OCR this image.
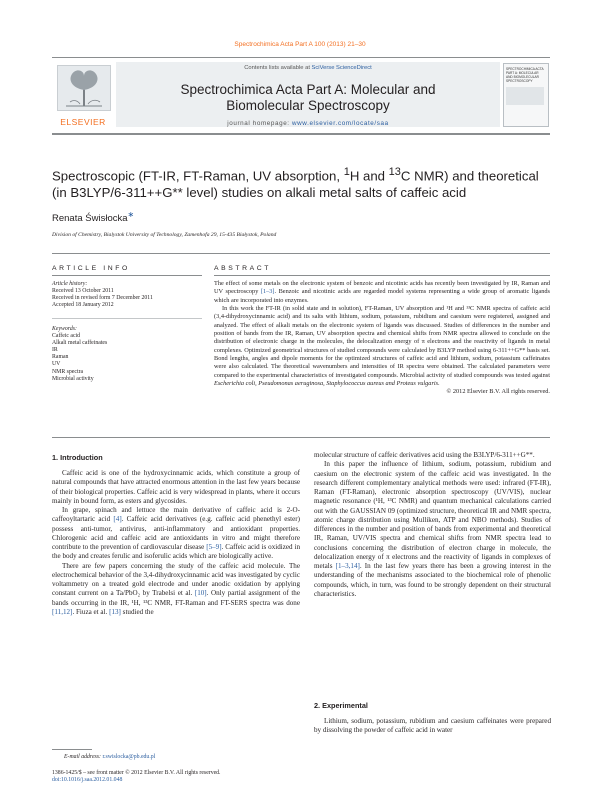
Spectrochimica Acta Part A 100 (2013) 21–30
ELSEVIER
Contents lists available at SciVerse ScienceDirect
Spectrochimica Acta Part A: Molecular and
Biomolecular Spectroscopy
journal homepage: www.elsevier.com/locate/saa
SPECTROCHIMICA ACTA PART A: MOLECULAR AND BIOMOLECULAR SPECTROSCOPY
Spectroscopic (FT-IR, FT-Raman, UV absorption, $^1$H and $^{13}$C NMR) and theoretical
(in B3LYP/6-311++G** level) studies on alkali metal salts of caffeic acid
Renata Świsłocka∗
Division of Chemistry, Bialystok University of Technology, Zamenhofa 29, 15-435 Białystok, Poland
ARTICLE INFO	ABSTRACT
Article history:
Received 13 October 2011
Received in revised form 7 December 2011
Accepted 18 January 2012
Keywords:
Caffeic acid
Alkali metal caffeinates
IR
Raman
UV
NMR spectra
Microbial activity

The effect of some metals on the electronic system of benzoic and nicotinic acids has recently been investigated by IR, Raman and UV spectroscopy [1–3]. Benzoic and nicotinic acids are regarded model systems representing a wide group of aromatic ligands which are incorporated into enzymes.

In this work the FT-IR (in solid state and in solution), FT-Raman, UV absorption and ¹H and ¹³C NMR spectra of caffeic acid (3,4-dihydroxycinnamic acid) and its salts with lithium, sodium, potassium, rubidium and caesium were registered, assigned and analyzed. The effect of alkali metals on the electronic system of ligands was discussed. Studies of differences in the number and position of bands from the IR, Raman, UV absorption spectra and chemical shifts from NMR spectra allowed to conclude on the distribution of electronic charge in the molecules, the delocalization energy of π electrons and the reactivity of ligands in metal complexes. Optimized geometrical structures of studied compounds were calculated by B3LYP method using 6-311++G** basis set. Bond lengths, angles and dipole moments for the optimized structures of caffeic acid and lithium, sodium, potassium caffeinates were also calculated. The theoretical wavenumbers and intensities of IR spectra were obtained. The calculated parameters were compared to the experimental characteristics of investigated compounds. Microbial activity of studied compounds was tested against Escherichia coli, Pseudomonas aeruginosa, Staphylococcus aureus and Proteus vulgaris.

© 2012 Elsevier B.V. All rights reserved.

1. Introduction

Caffeic acid is one of the hydroxycinnamic acids, which constitute a group of natural compounds that have attracted enormous attention in the last few years because of their biological properties. Caffeic acid is very widespread in plants, where it occurs mainly in bound form, as esters and glycosides.

In grape, spinach and lettuce the main derivative of caffeic acid is 2-O-caffeoyltartaric acid [4]. Caffeic acid derivatives (e.g. caffeic acid phenethyl ester) possess anti-tumor, antivirus, anti-inflammatory and antioxidant properties. Chlorogenic acid and caffeic acid are antioxidants in vitro and might therefore contribute to the prevention of cardiovascular disease [5–9]. Caffeic acid is oxidized in the body and creates ferulic and isoferulic acids which are biologically active.

There are few papers concerning the study of the caffeic acid molecule. The electrochemical behavior of the 3,4-dihydroxycinnamic acid was investigated by cyclic voltammetry on a treated gold electrode and under anodic oxidation by applying constant current on a Ta/PbO₂ by Trabelsi et al. [10]. Only partial assignment of the bands occurring in the IR, ¹H, ¹³C NMR, FT-Raman and FT-SERS spectra was done [11,12]. Fiuza et al. [13] studied the

molecular structure of caffeic derivatives acid using the B3LYP/6-311++G**.

In this paper the influence of lithium, sodium, potassium, rubidium and caesium on the electronic system of the caffeic acid was investigated. In the research different complementary analytical methods were used: infrared (FT-IR), Raman (FT-Raman), electronic absorption spectroscopy (UV/VIS), nuclear magnetic resonance (¹H, ¹³C NMR) and quantum mechanical calculations carried out with the GAUSSIAN 09 (optimized structure, theoretical IR and NMR spectra, atomic charge distribution using Mulliken, ATP and NBO methods). Studies of differences in the number and position of bands from experimental and theoretical IR, Raman, UV/VIS spectra and chemical shifts from NMR spectra lead to conclusions concerning the distribution of electron charge in molecule, the delocalization energy of π electrons and the reactivity of ligands in complexes of metals [1–3,14]. In the last few years there has been a growing interest in the understanding of the mechanisms associated to the biochemical role of phenolic compounds, which, in turn, was found to be strongly dependent on their structural characteristics.

2. Experimental

Lithium, sodium, potassium, rubidium and caesium caffeinates were prepared by dissolving the powder of caffeic acid in water

E-mail address: r.swislocka@pb.edu.pl
1386-1425/$ – see front matter © 2012 Elsevier B.V. All rights reserved.
doi:10.1016/j.saa.2012.01.048
